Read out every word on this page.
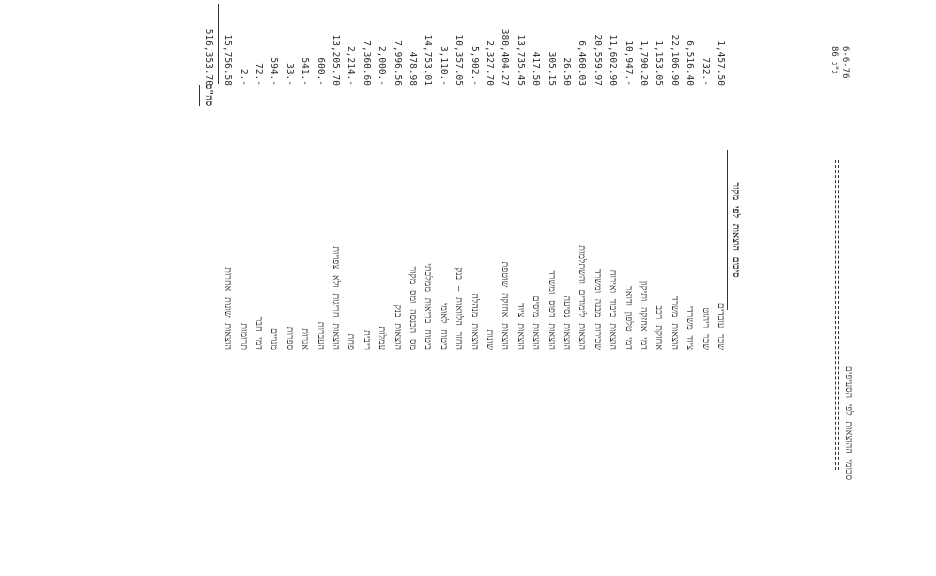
סכומי ההוצאות לפי הסעיפים
6-6-76
ג"ג 86
סיכום הוצאות לפי מקור
שכר עובדים
1,457.50
שכר ריהוט
732.-
ציוד משרדי
6,516.40
הוצאות משרד
22,106.90
אחזקת רכב
1,153.05
דמי אחזקה ותיקון
1,790.20
דמי טלפון ודואר
10,947.-
הוצאות כיבוד ואירוח
11,602.90
שכירות מבנה ומשרד
20,559.97
הוצאות לימודים והשתלמות
6,460.03
הוצאות נסיעה
26.50
הוצאות דפוס ומשרד
305.15
הוצאות מיסים
417.50
הוצאות ציוד
13,735.45
הוצאות אחזקה שוטפת
380,404.27
שונות
2,327.70
הוצאות מנהלה
5,902.-
החזר הלוואות – בנק
10,357.05
ביטוח לאומי
3,110.-
ביטוח בריאות ממלכתי
14,753.01
מס הכנסה ומס מקור
478.98
הוצאות בנק
7,996.56
עמלות
2,000.-
ריבית
7,360.60
פחת
2,214.-
הוצאות חריגות ולא צפויות
13,205.70
העברות
600.-
אגרות
541.-
ספרות
33.-
מנויים
594.-
דמי חבר
72.-
תרומות
2.-
הוצאות שונות אחרות
15,756.58
סה"כ
516,353.70
